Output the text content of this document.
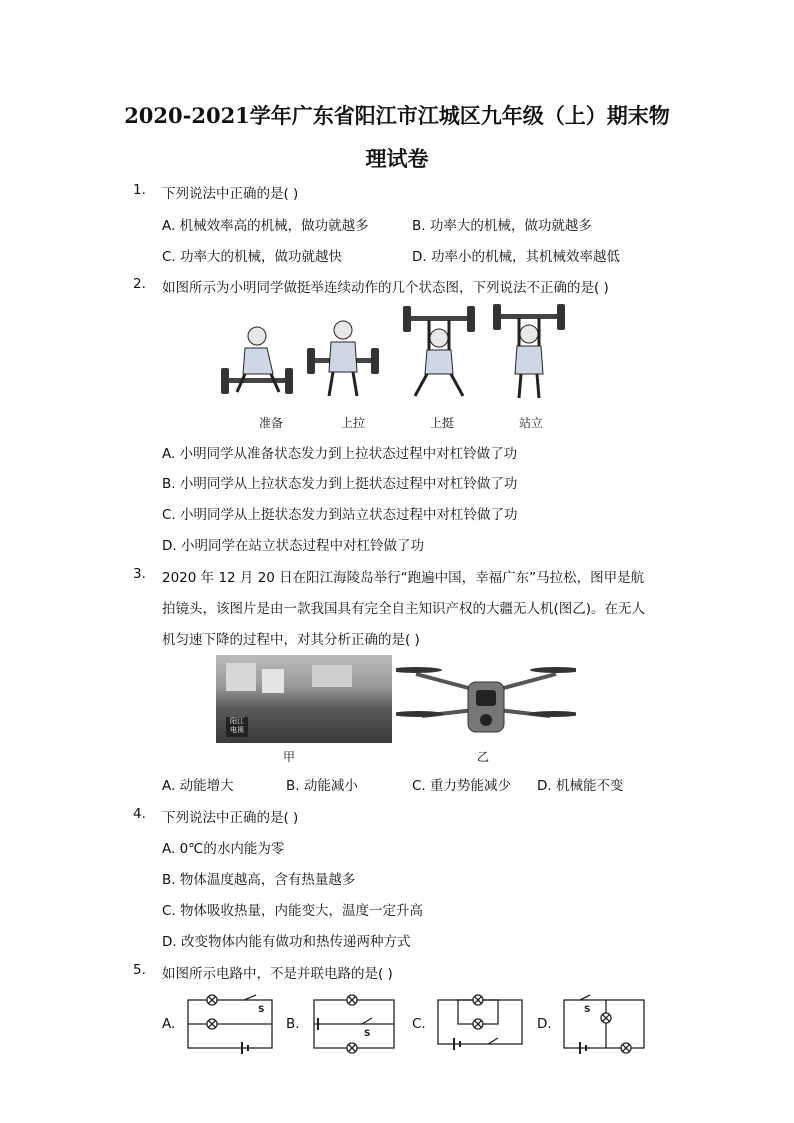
2020-2021学年广东省阳江市江城区九年级（上）期末物
理试卷
1. 下列说法中正确的是( )
A. 机械效率高的机械，做功就越多	B. 功率大的机械，做功就越多
C. 功率大的机械，做功就越快	D. 功率小的机械，其机械效率越低
2. 如图所示为小明同学做挺举连续动作的几个状态图，下列说法不正确的是( )
准备	上拉	上挺	站立
A. 小明同学从准备状态发力到上拉状态过程中对杠铃做了功
B. 小明同学从上拉状态发力到上挺状态过程中对杠铃做了功
C. 小明同学从上挺状态发力到站立状态过程中对杠铃做了功
D. 小明同学在站立状态过程中对杠铃做了功
3. 2020 年 12 月 20 日在阳江海陵岛举行“跑遍中国，幸福广东”马拉松，图甲是航
拍镜头，该图片是由一款我国具有完全自主知识产权的大疆无人机(图乙)。在无人
机匀速下降的过程中，对其分析正确的是( )
阳江
电视
甲	乙
A. 动能增大	B. 动能减小	C. 重力势能减少 D. 机械能不变
4. 下列说法中正确的是( )
A. 0℃的水内能为零
B. 物体温度越高，含有热量越多
C. 物体吸收热量，内能变大，温度一定升高
D. 改变物体内能有做功和热传递两种方式
5. 如图所示电路中，不是并联电路的是( )
A.	B.	C.	D.
S
S
S
